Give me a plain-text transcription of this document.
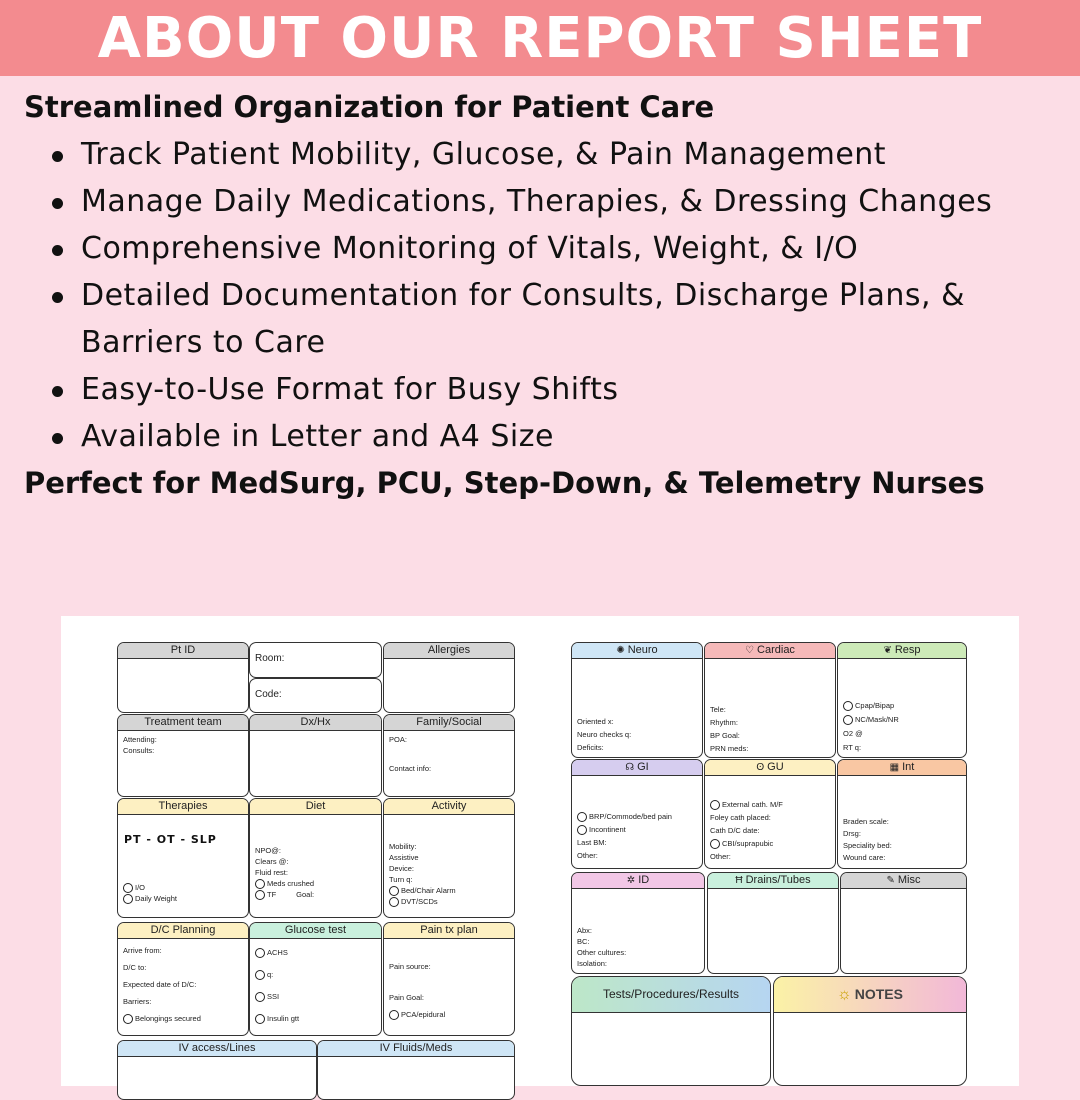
ABOUT OUR REPORT SHEET

Streamlined Organization for Patient Care

Track Patient Mobility, Glucose, & Pain Management
Manage Daily Medications, Therapies, & Dressing Changes
Comprehensive Monitoring of Vitals, Weight, & I/O
Detailed Documentation for Consults, Discharge Plans, & Barriers to Care
Easy-to-Use Format for Busy Shifts
Available in Letter and A4 Size

Perfect for MedSurg, PCU, Step-Down, & Telemetry Nurses

Pt ID
Room:
Code:
Allergies
Treatment team
Attending:
Consults:
Dx/Hx	Family/Social
POA:
Contact info:
Therapies
PT - OT - SLP
I/O
Daily Weight
Diet
NPO@:
Clears @:
Fluid rest:
Meds crushed
TF	Goal:
Activity
Mobility:
Assistive
Device:
Turn q:
Bed/Chair Alarm
DVT/SCDs
D/C Planning
Arrive from:
D/C to:
Expected date of D/C:
Barriers:
Belongings secured
Glucose test
ACHS
q:
SSI
Insulin gtt
Pain tx plan
Pain source:
Pain Goal:
PCA/epidural
IV access/Lines	IV Fluids/Meds
✺ Neuro
Oriented x:
Neuro checks q:
Deficits:
♡ Cardiac
Tele:
Rhythm:
BP Goal:
PRN meds:
❦ Resp
Cpap/Bipap
NC/Mask/NR
O2 @
RT q:
☊ GI
BRP/Commode/bed pain
Incontinent
Last BM:
Other:
ʘ GU
External cath. M/F
Foley cath placed:
Cath D/C date:
CBI/suprapubic
Other:
▦ Int
Braden scale:
Drsg:
Speciality bed:
Wound care:
✲ ID
Abx:
BC:
Other cultures:
Isolation:
Ħ Drains/Tubes	✎ Misc
Tests/Procedures/Results	☼ NOTES
